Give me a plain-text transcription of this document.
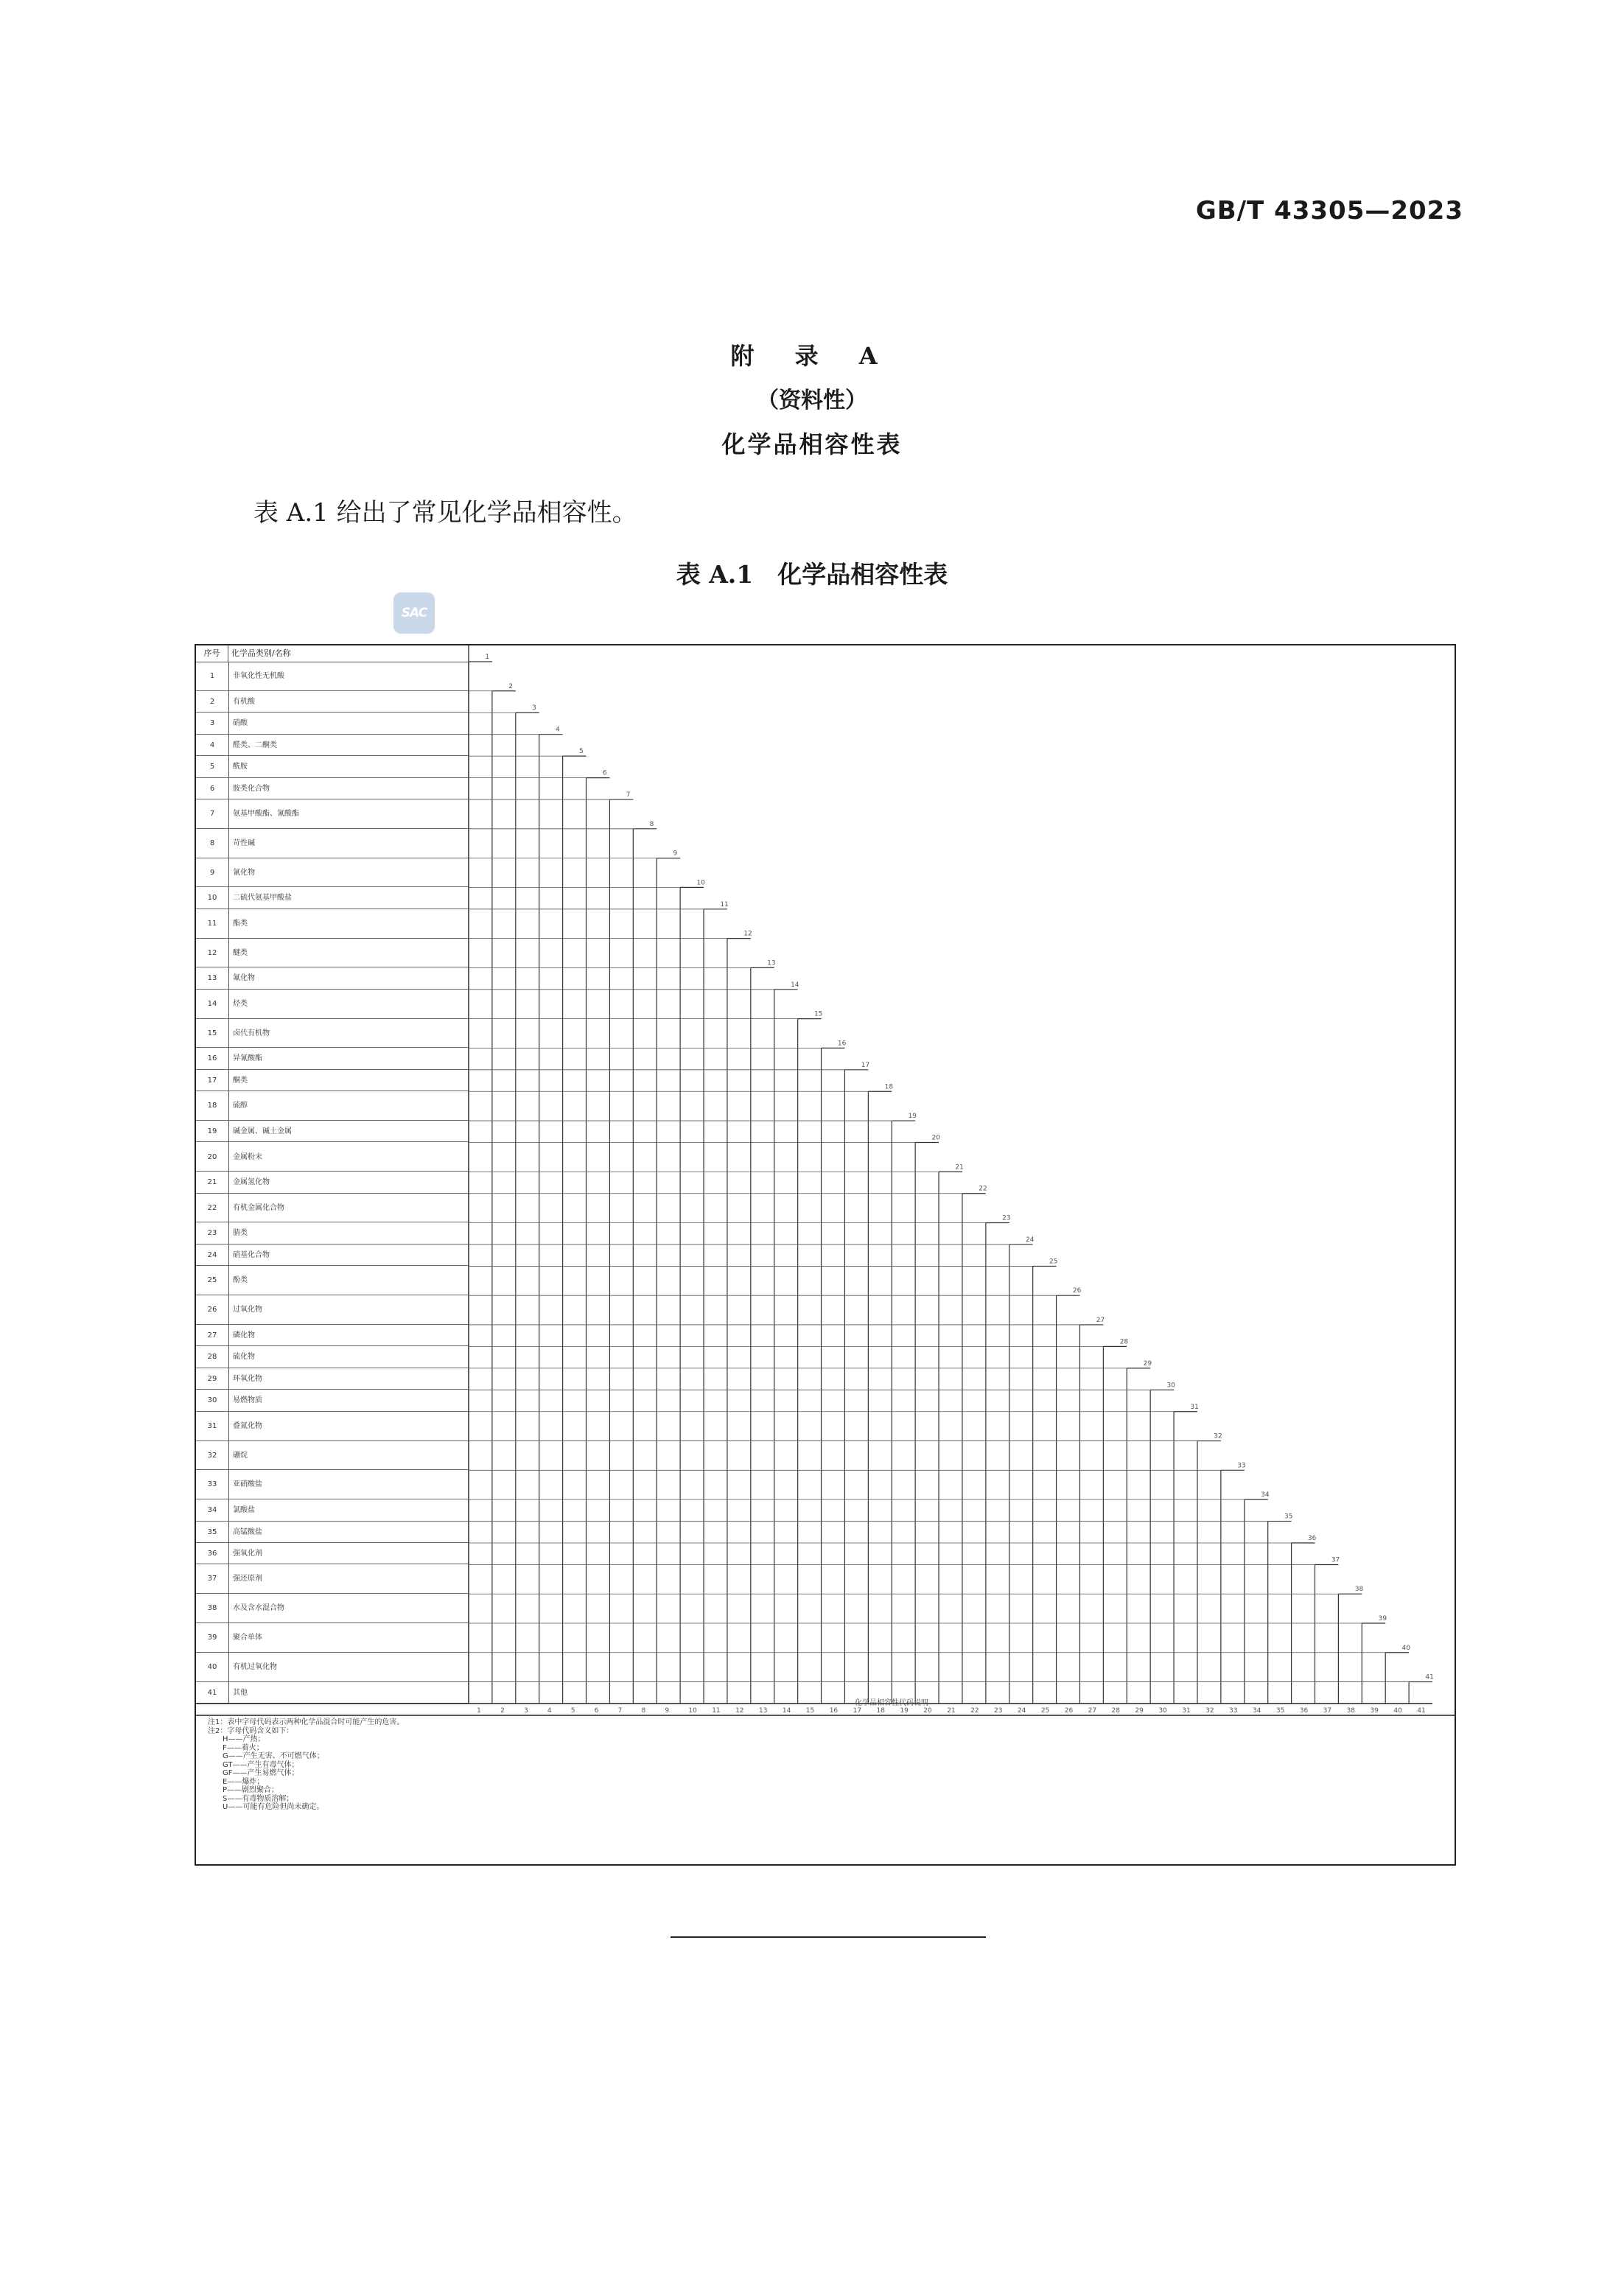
GB/T 43305—2023
附 录 A
（资料性）
化学品相容性表
表 A.1 给出了常见化学品相容性。
表 A.1　化学品相容性表
SAC
序号	化学品类别/名称
1	非氧化性无机酸
2	有机酸
3	硝酸
4	醛类、二酮类
5	酰胺
6	胺类化合物
7	氨基甲酸酯、氰酸酯
8	苛性碱
9	氰化物
10	二硫代氨基甲酸盐
11	酯类
12	醚类
13	氟化物
14	烃类
15	卤代有机物
16	异氰酸酯
17	酮类
18	硫醇
19	碱金属、碱土金属
20	金属粉末
21	金属氢化物
22	有机金属化合物
23	腈类
24	硝基化合物
25	酚类
26	过氧化物
27	磷化物
28	硫化物
29	环氧化物
30	易燃物质
31	叠氮化物
32	硼烷
33	亚硝酸盐
34	氯酸盐
35	高锰酸盐
36	强氧化剂
37	强还原剂
38	水及含水混合物
39	聚合单体
40	有机过氧化物
41	其他
1
2
3
4
5
6
7
8
9
10
11
12
13
14
15
16
17
18
19
20
21
22
23
24
25
26
27
28
29
30
31
32
33
34
35
36
37
38
39
40
41
1	2	3	4	5	6	7	8	9	10 11 12 13 14 15 16 17 18 19 20 21 22 23 24 25 26 27 28 29 30 31 32 33 34 35 36 37 38 39 40 41
注1：表中字母代码表示两种化学品混合时可能产生的危害。
注2：字母代码含义如下：
H——产热；
F——着火；
G——产生无害、不可燃气体；
GT——产生有毒气体；
GF——产生易燃气体；
E——爆炸；
P——剧烈聚合；
S——有毒物质溶解；
U——可能有危险但尚未确定。
化学品相容性代码说明
